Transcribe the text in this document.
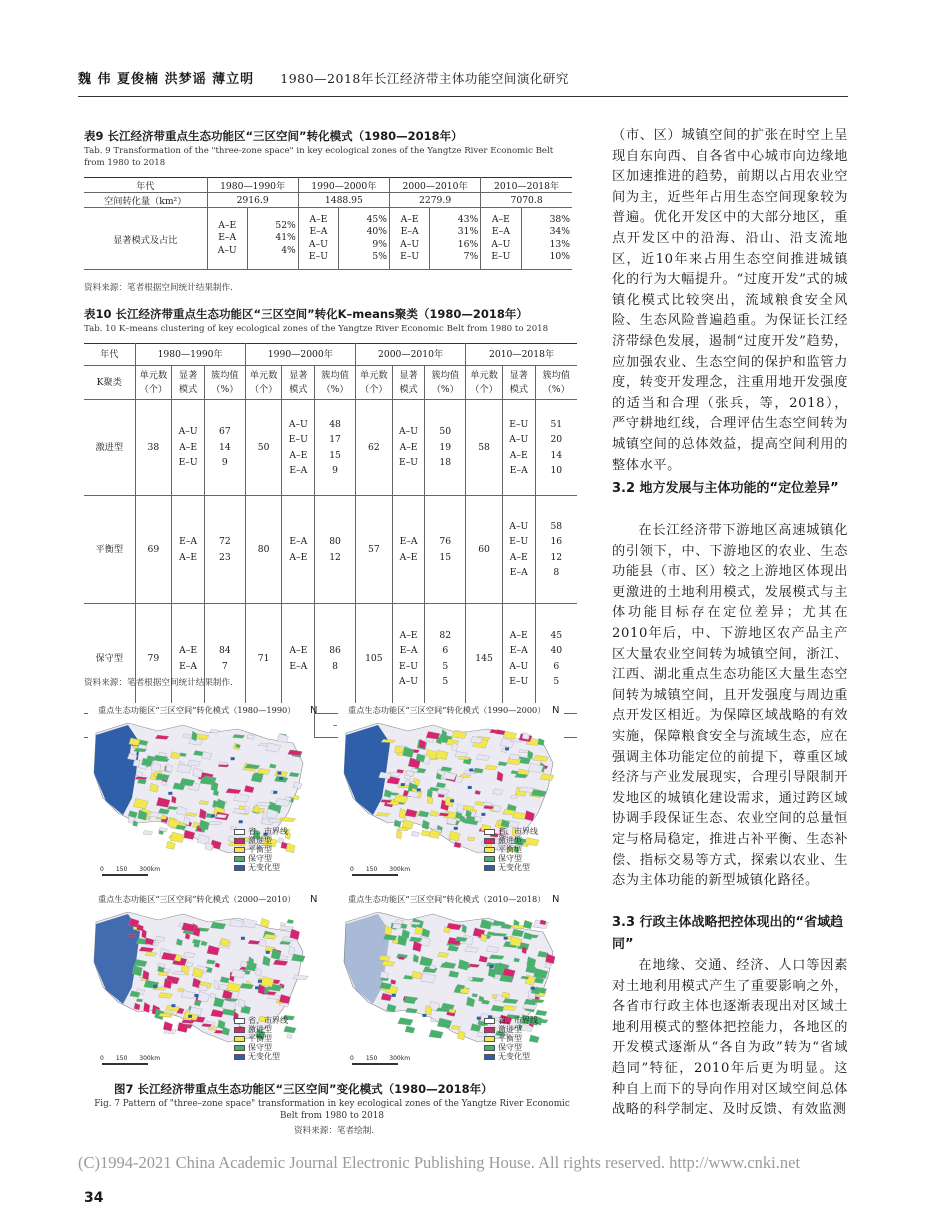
魏 伟 夏俊楠 洪梦谣 薄立明 1980—2018年长江经济带主体功能空间演化研究
表9 长江经济带重点生态功能区“三区空间”转化模式（1980—2018年）
Tab. 9 Transformation of the "three-zone space" in key ecological zones of the Yangtze River Economic Belt from 1980 to 2018
年代	1980—1990年		1990—2000年		2000—2010年		2010—2018年	
空间转化量（km²）	2916.9		1488.95		2279.9		7070.8	
显著模式及占比	A–E
E–A
A–U	52%
41%
4%	A–E
E–A
A–U
E–U	45%
40%
9%
5%	A–E
E–A
A–U
E–U	43%
31%
16%
7%	A–E
E–A
A–U
E–U	38%
34%
13%
10%
资料来源：笔者根据空间统计结果制作.
表10 长江经济带重点生态功能区“三区空间”转化K–means聚类（1980—2018年）
Tab. 10 K–means clustering of key ecological zones of the Yangtze River Economic Belt from 1980 to 2018
年代	1980—1990年			1990—2000年			2000—2010年			2010—2018年		
K聚类	单元数
（个）	显著
模式	簇均值
（%）	单元数
（个）	显著
模式	簇均值
（%）	单元数
（个）	显著
模式	簇均值
（%）	单元数
（个）	显著
模式	簇均值
（%）
激进型	38	A–U
A–E
E–U	67
14
9	50	A–U
E–U
A–E
E–A	48
17
15
9	62	A–U
A–E
E–U	50
19
18	58	E–U
A–U
A–E
E–A	51
20
14
10
平衡型	69	E–A
A–E	72
23	80	E–A
A–E	80
12	57	E–A
A–E	76
15	60	A–U
E–U
A–E
E–A	58
16
12
8
保守型	79	A–E
E–A	84
7	71	A–E
E–A	86
8	105	A–E
E–A
E–U
A–U	82
6
5
5	145	A–E
E–A
A–U
E–U	45
40
6
5
						–						
资料来源：笔者根据空间统计结果制作.
重点生态功能区“三区空间”转化模式（1980—1990） N
0 150 300km
省、市界线
激进型
平衡型
保守型
无变化型
重点生态功能区“三区空间”转化模式（1990—2000） N
0 150 300km
省、市界线
激进型
平衡型
保守型
无变化型
重点生态功能区“三区空间”转化模式（2000—2010） N
0 150 300km
省、市界线
激进型
平衡型
保守型
无变化型
重点生态功能区“三区空间”转化模式（2010—2018） N
0 150 300km
省、市界线
激进型
平衡型
保守型
无变化型
图7 长江经济带重点生态功能区“三区空间”变化模式（1980—2018年）
Fig. 7 Pattern of "three–zone space" transformation in key ecological zones of the Yangtze River Economic Belt from 1980 to 2018
资料来源：笔者绘制.
（市、区）城镇空间的扩张在时空上呈现自东向西、自各省中心城市向边缘地区加速推进的趋势，前期以占用农业空间为主，近些年占用生态空间现象较为普遍。优化开发区中的大部分地区，重点开发区中的沿海、沿山、沿支流地区，近10年来占用生态空间推进城镇化的行为大幅提升。“过度开发”式的城镇化模式比较突出，流域粮食安全风险、生态风险普遍趋重。为保证长江经济带绿色发展，遏制“过度开发”趋势，应加强农业、生态空间的保护和监管力度，转变开发理念，注重用地开发强度的适当和合理（张兵，等，2018），严守耕地红线，合理评估生态空间转为城镇空间的总体效益，提高空间利用的整体水平。
3.2 地方发展与主体功能的“定位差异”
在长江经济带下游地区高速城镇化的引领下，中、下游地区的农业、生态功能县（市、区）较之上游地区体现出更激进的土地利用模式，发展模式与主体功能目标存在定位差异；尤其在2010年后，中、下游地区农产品主产区大量农业空间转为城镇空间，浙江、江西、湖北重点生态功能区大量生态空间转为城镇空间，且开发强度与周边重点开发区相近。为保障区域战略的有效实施，保障粮食安全与流域生态，应在强调主体功能定位的前提下，尊重区域经济与产业发展现实，合理引导限制开发地区的城镇化建设需求，通过跨区域协调手段保证生态、农业空间的总量恒定与格局稳定，推进占补平衡、生态补偿、指标交易等方式，探索以农业、生态为主体功能的新型城镇化路径。
3.3 行政主体战略把控体现出的“省域趋同”
在地缘、交通、经济、人口等因素对土地利用模式产生了重要影响之外，各省市行政主体也逐渐表现出对区域土地利用模式的整体把控能力，各地区的开发模式逐渐从“各自为政”转为“省域趋同”特征，2010年后更为明显。这种自上而下的导向作用对区域空间总体战略的科学制定、及时反馈、有效监测
(C)1994-2021 China Academic Journal Electronic Publishing House. All rights reserved. http://www.cnki.net
34
